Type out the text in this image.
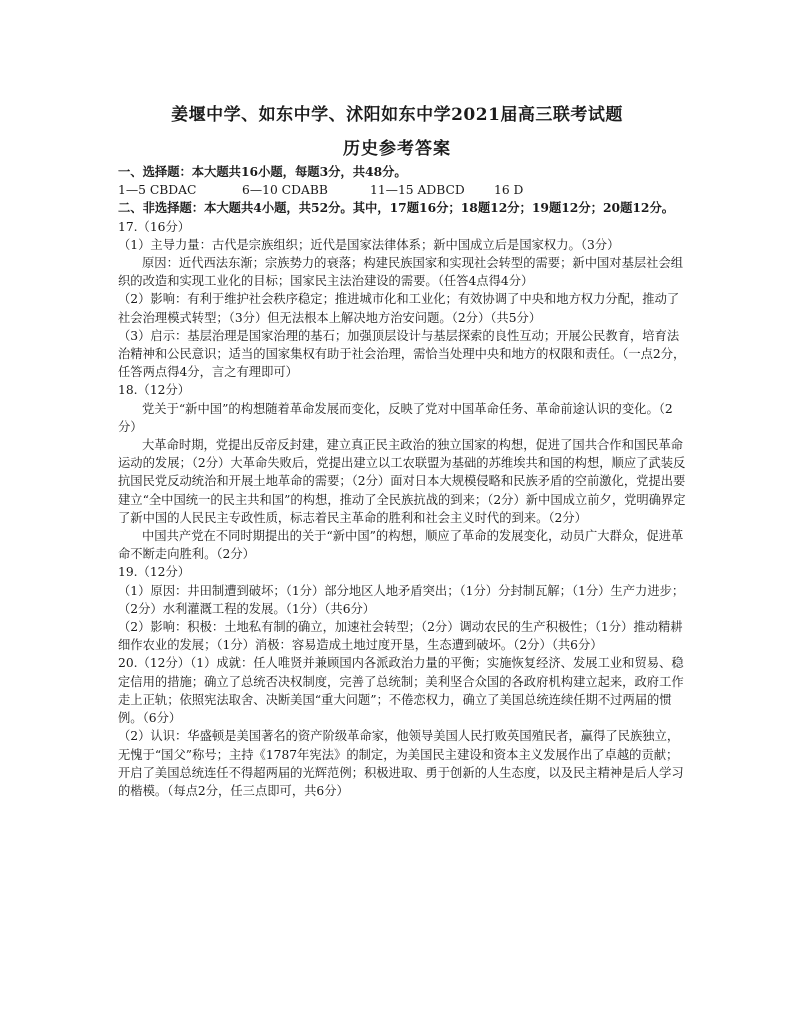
姜堰中学、如东中学、沭阳如东中学2021届高三联考试题
历史参考答案

一、选择题：本大题共16小题，每题3分，共48分。

1—5 CBDAC	6—10 CDABB	11—15 ADBCD	16 D

二、非选择题：本大题共4小题，共52分。其中，17题16分；18题12分；19题12分；20题12分。

17.（16分）

（1）主导力量：古代是宗族组织；近代是国家法律体系；新中国成立后是国家权力。（3分）

原因：近代西法东渐；宗族势力的衰落；构建民族国家和实现社会转型的需要；新中国对基层社会组织的改造和实现工业化的目标；国家民主法治建设的需要。（任答4点得4分）

（2）影响：有利于维护社会秩序稳定；推进城市化和工业化；有效协调了中央和地方权力分配，推动了社会治理模式转型；（3分）但无法根本上解决地方治安问题。（2分）（共5分）

（3）启示：基层治理是国家治理的基石；加强顶层设计与基层探索的良性互动；开展公民教育，培育法治精神和公民意识；适当的国家集权有助于社会治理，需恰当处理中央和地方的权限和责任。（一点2分，任答两点得4分，言之有理即可）

18.（12分）

党关于“新中国”的构想随着革命发展而变化，反映了党对中国革命任务、革命前途认识的变化。（2分）

大革命时期，党提出反帝反封建，建立真正民主政治的独立国家的构想，促进了国共合作和国民革命运动的发展；（2分）大革命失败后，党提出建立以工农联盟为基础的苏维埃共和国的构想，顺应了武装反抗国民党反动统治和开展土地革命的需要；（2分）面对日本大规模侵略和民族矛盾的空前激化，党提出要建立“全中国统一的民主共和国”的构想，推动了全民族抗战的到来；（2分）新中国成立前夕，党明确界定了新中国的人民民主专政性质，标志着民主革命的胜利和社会主义时代的到来。（2分）

中国共产党在不同时期提出的关于“新中国”的构想，顺应了革命的发展变化，动员广大群众，促进革命不断走向胜利。（2分）

19.（12分）

（1）原因：井田制遭到破坏；（1分）部分地区人地矛盾突出；（1分）分封制瓦解；（1分）生产力进步；（2分）水利灌溉工程的发展。（1分）（共6分）

（2）影响：积极：土地私有制的确立，加速社会转型；（2分）调动农民的生产积极性；（1分）推动精耕细作农业的发展；（1分）消极：容易造成土地过度开垦，生态遭到破坏。（2分）（共6分）

20.（12分）（1）成就：任人唯贤并兼顾国内各派政治力量的平衡；实施恢复经济、发展工业和贸易、稳定信用的措施；确立了总统否决权制度，完善了总统制；美利坚合众国的各政府机构建立起来，政府工作走上正轨；依照宪法取舍、决断美国“重大问题”；不倦恋权力，确立了美国总统连续任期不过两届的惯例。（6分）

（2）认识：华盛顿是美国著名的资产阶级革命家，他领导美国人民打败英国殖民者，赢得了民族独立，无愧于“国父”称号；主持《1787年宪法》的制定，为美国民主建设和资本主义发展作出了卓越的贡献；开启了美国总统连任不得超两届的光辉范例；积极进取、勇于创新的人生态度，以及民主精神是后人学习的楷模。（每点2分，任三点即可，共6分）
